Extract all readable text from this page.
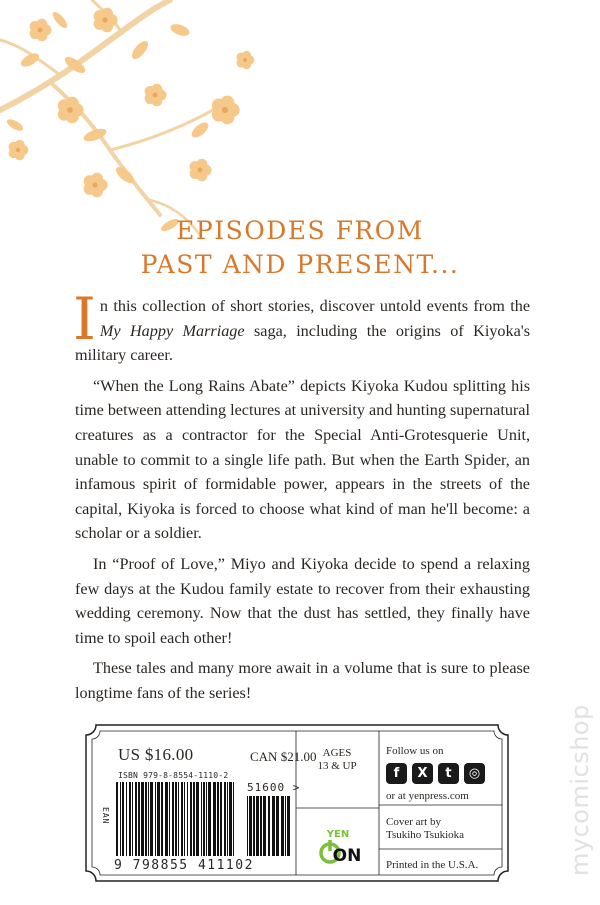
EPISODES FROM
PAST AND PRESENT...

In this collection of short stories, discover untold events from the My Happy Marriage saga, including the origins of Kiyoka's military career.

“When the Long Rains Abate” depicts Kiyoka Kudou splitting his time between attending lectures at university and hunting supernatural creatures as a contractor for the Special Anti-Grotesquerie Unit, unable to commit to a single life path. But when the Earth Spider, an infamous spirit of formidable power, appears in the streets of the capital, Kiyoka is forced to choose what kind of man he'll become: a scholar or a soldier.

In “Proof of Love,” Miyo and Kiyoka decide to spend a relaxing few days at the Kudou family estate to recover from their exhausting wedding ceremony. Now that the dust has settled, they finally have time to spoil each other!

These tales and many more await in a volume that is sure to please longtime fans of the series!

US $16.00	CAN $21.00
ISBN 979-8-8554-1110-2
EAN
51600 >
9 798855 411102
AGES
13 & UP
YEN
ON
Follow us on
f	X	t	◎
or at yenpress.com
Cover art by
Tsukiho Tsukioka
Printed in the U.S.A.	mycomicshop
